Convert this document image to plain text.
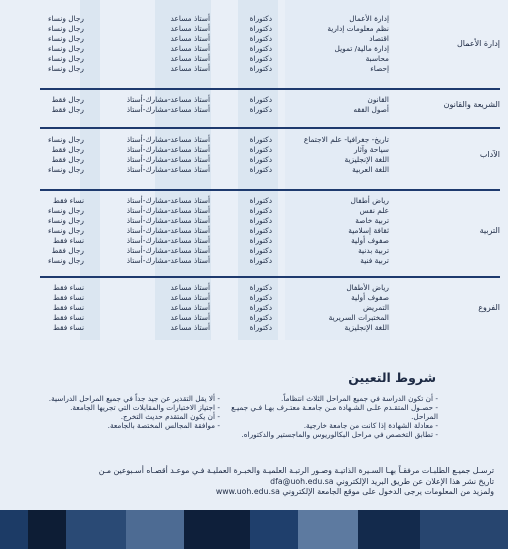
إدارة الأعمال
دكتوراة
أستاذ مساعد
رجال ونساء
نظم معلومات إدارية
دكتوراة
أستاذ مساعد
رجال ونساء
اقتصاد
دكتوراة
أستاذ مساعد
رجال ونساء
إدارة مالية/ تمويل
دكتوراة
أستاذ مساعد
رجال ونساء
محاسبة
دكتوراة
أستاذ مساعد
رجال ونساء
إحصاء
دكتوراة
أستاذ مساعد
رجال ونساء
إدارة الأعمال
القانون
دكتوراة
أستاذ مساعد-مشارك-أستاذ
رجال فقط
أصول الفقه
دكتوراة
أستاذ مساعد-مشارك-أستاذ
رجال فقط
الشريعة والقانون
تاريخ- جغرافيا- علم الاجتماع
دكتوراة
أستاذ مساعد-مشارك-أستاذ
رجال ونساء
سياحة وآثار
دكتوراة
أستاذ مساعد-مشارك-أستاذ
رجال فقط
اللغة الإنجليزية
دكتوراة
أستاذ مساعد-مشارك-أستاذ
رجال فقط
اللغة العربية
دكتوراة
أستاذ مساعد-مشارك-أستاذ
رجال ونساء
الآداب
رياض أطفال
دكتوراة
أستاذ مساعد-مشارك-أستاذ
نساء فقط
علم نفس
دكتوراة
أستاذ مساعد-مشارك-أستاذ
رجال ونساء
تربية خاصة
دكتوراة
أستاذ مساعد-مشارك-أستاذ
رجال ونساء
ثقافة إسلامية
دكتوراة
أستاذ مساعد-مشارك-أستاذ
رجال ونساء
صفوف أولية
دكتوراة
أستاذ مساعد-مشارك-أستاذ
نساء فقط
تربية بدنية
دكتوراة
أستاذ مساعد-مشارك-أستاذ
رجال فقط
تربية فنية
دكتوراة
أستاذ مساعد-مشارك-أستاذ
رجال ونساء
التربية
رياض الأطفال
دكتوراة
أستاذ مساعد
نساء فقط
صفوف أولية
دكتوراة
أستاذ مساعد
نساء فقط
التمريض
دكتوراة
أستاذ مساعد
نساء فقط
المختبرات السريرية
دكتوراة
أستاذ مساعد
نساء فقط
اللغة الإنجليزية
دكتوراة
أستاذ مساعد
نساء فقط
الفروع
شروط التعيين
- أن تكون الدراسة في جميع المراحل الثلاث انتظاماً.
- حصـول المتقـدم علـى الشـهادة مـن جامعـة معتـرف بهـا فـي جميـع المراحل.
- معادلة الشهادة إذا كانت من جامعة خارجية.
- تطابق التخصص في مراحل البكالوريوس والماجستير والدكتوراه.
- ألا يقل التقدير عن جيد جداً في جميع المراحل الدراسية.
- اجتياز الاختبارات والمقابلات التي تجريها الجامعة.
- أن يكون المتقدم حديث التخرج.
- موافقة المجالس المختصة بالجامعة.
ترسـل جميـع الطلبـات مرفقـاً بهـا السـيرة الذاتيـة وصـور الرتبـة العلميـة والخبـرة العمليـة فـي موعـد أقصـاه أسـبوعين مـن
تاريخ نشر هذا الإعلان عن طريق البريد الإلكتروني dfa@uoh.edu.sa
ولمزيد من المعلومات يرجى الدخول على موقع الجامعة الإلكتروني www.uoh.edu.sa
